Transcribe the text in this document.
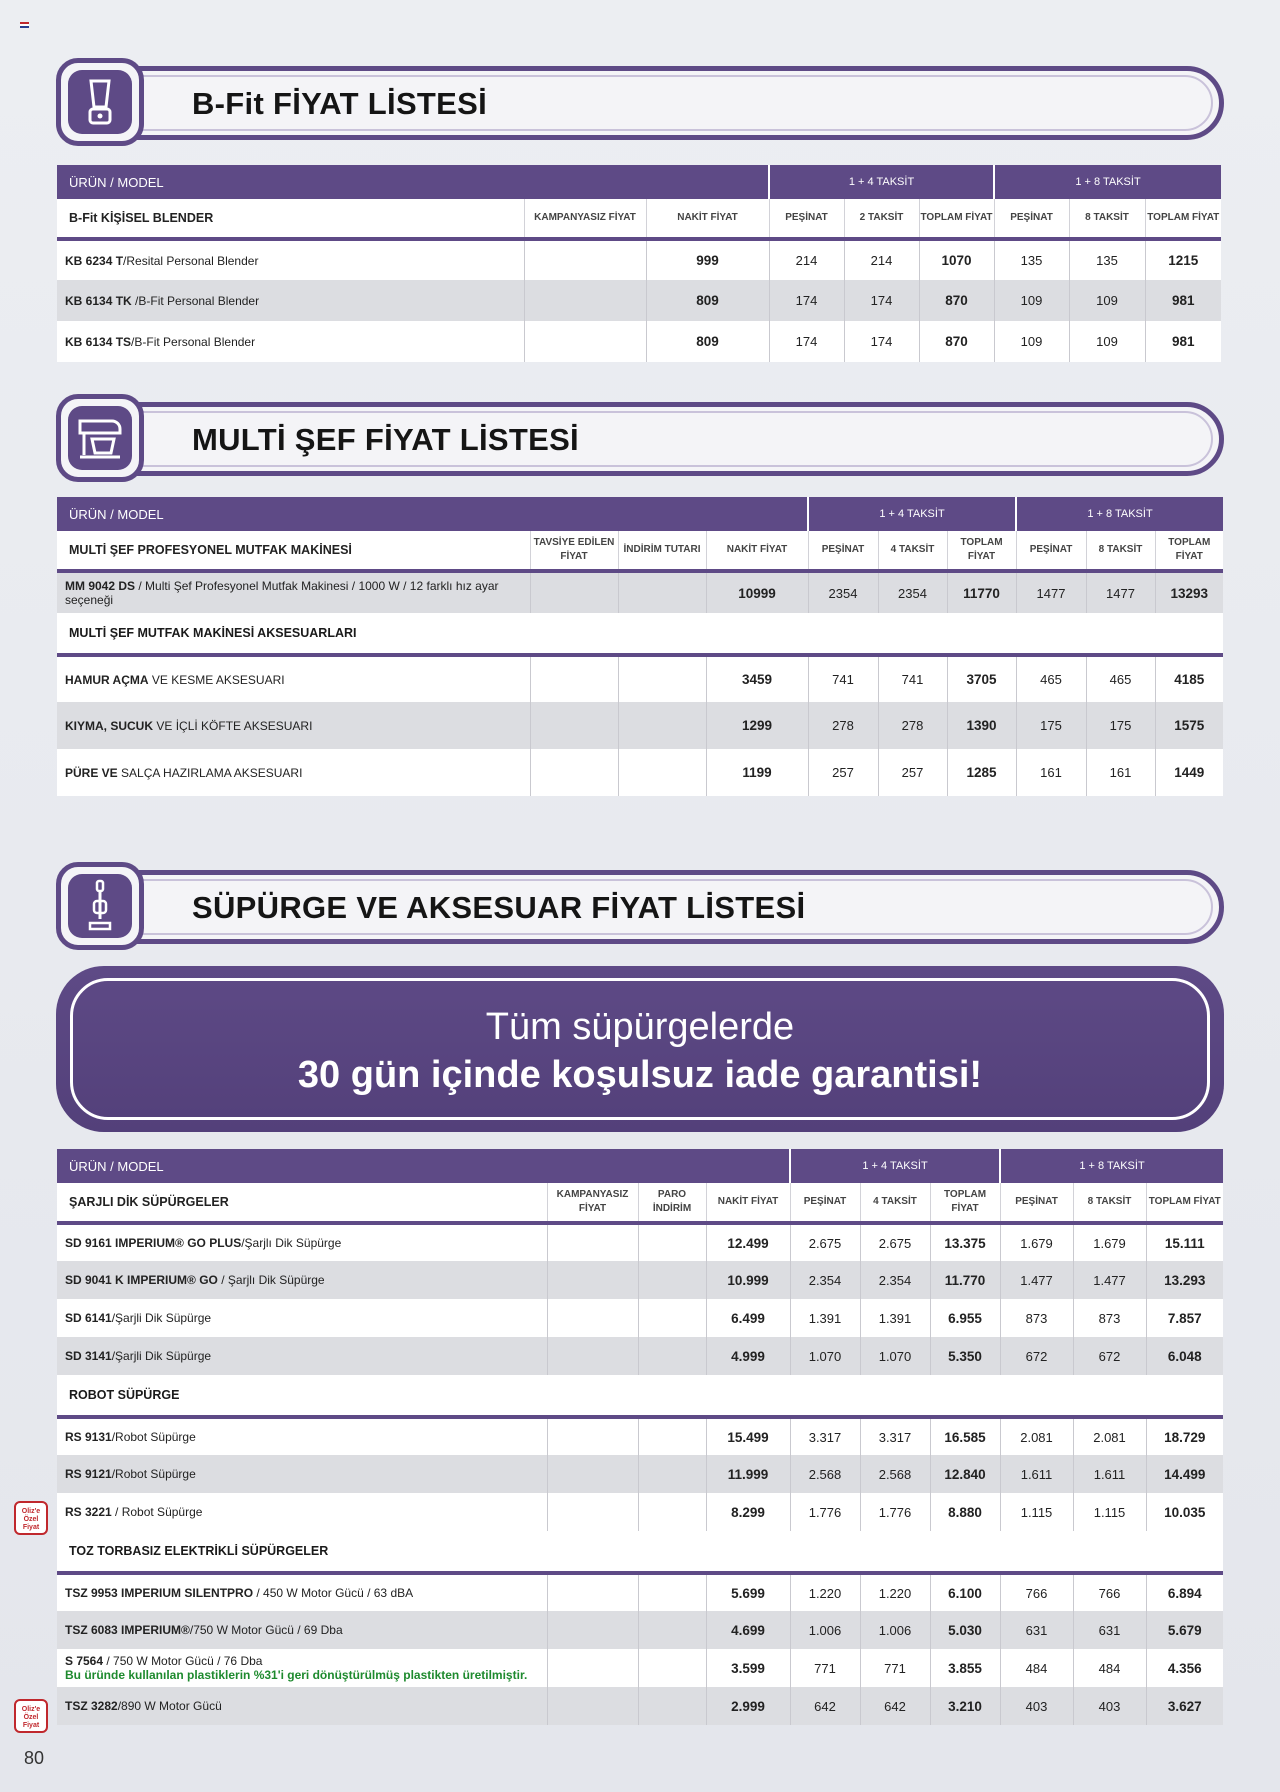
B-Fit FİYAT LİSTESİ
ÜRÜN / MODEL			1 + 4 TAKSİT			1 + 8 TAKSİT		
B-Fit KİŞİSEL BLENDER	KAMPANYASIZ FİYAT	NAKİT FİYAT	PEŞİNAT	2 TAKSİT	TOPLAM FİYAT	PEŞİNAT	8 TAKSİT	TOPLAM FİYAT
KB 6234 T/Resital Personal Blender		999	214	214	1070	135	135	1215
KB 6134 TK /B-Fit Personal Blender		809	174	174	870	109	109	981
KB 6134 TS/B-Fit Personal Blender		809	174	174	870	109	109	981
MULTİ ŞEF FİYAT LİSTESİ
ÜRÜN / MODEL				1 + 4 TAKSİT			1 + 8 TAKSİT		
MULTİ ŞEF PROFESYONEL MUTFAK MAKİNESİ	TAVSİYE EDİLEN FİYAT	İNDİRİM TUTARI	NAKİT FİYAT	PEŞİNAT	4 TAKSİT	TOPLAM FİYAT	PEŞİNAT	8 TAKSİT	TOPLAM FİYAT
MM 9042 DS / Multi Şef Profesyonel Mutfak Makinesi / 1000 W / 12 farklı hız ayar seçeneği			10999	2354	2354	11770	1477	1477	13293
MULTİ ŞEF MUTFAK MAKİNESİ AKSESUARLARI									
HAMUR AÇMA VE KESME AKSESUARI			3459	741	741	3705	465	465	4185
KIYMA, SUCUK VE İÇLİ KÖFTE AKSESUARI			1299	278	278	1390	175	175	1575
PÜRE VE SALÇA HAZIRLAMA AKSESUARI			1199	257	257	1285	161	161	1449
SÜPÜRGE VE AKSESUAR FİYAT LİSTESİ
Tüm süpürgelerde
30 gün içinde koşulsuz iade garantisi!
ÜRÜN / MODEL				1 + 4 TAKSİT			1 + 8 TAKSİT		
ŞARJLI DİK SÜPÜRGELER	KAMPANYASIZ FİYAT	PARO İNDİRİM	NAKİT FİYAT	PEŞİNAT	4 TAKSİT	TOPLAM FİYAT	PEŞİNAT	8 TAKSİT	TOPLAM FİYAT
SD 9161 IMPERIUM® GO PLUS/Şarjlı Dik Süpürge			12.499	2.675	2.675	13.375	1.679	1.679	15.111
SD 9041 K IMPERIUM® GO / Şarjlı Dik Süpürge			10.999	2.354	2.354	11.770	1.477	1.477	13.293
SD 6141/Şarjli Dik Süpürge			6.499	1.391	1.391	6.955	873	873	7.857
SD 3141/Şarjli Dik Süpürge			4.999	1.070	1.070	5.350	672	672	6.048
ROBOT SÜPÜRGE									
RS 9131/Robot Süpürge			15.499	3.317	3.317	16.585	2.081	2.081	18.729
RS 9121/Robot Süpürge			11.999	2.568	2.568	12.840	1.611	1.611	14.499
RS 3221 / Robot Süpürge			8.299	1.776	1.776	8.880	1.115	1.115	10.035
TOZ TORBASIZ ELEKTRİKLİ SÜPÜRGELER									
TSZ 9953 IMPERIUM SILENTPRO / 450 W Motor Gücü / 63 dBA			5.699	1.220	1.220	6.100	766	766	6.894
TSZ 6083 IMPERIUM®/750 W Motor Gücü / 69 Dba			4.699	1.006	1.006	5.030	631	631	5.679
S 7564 / 750 W Motor Gücü / 76 Dba
Bu üründe kullanılan plastiklerin %31'i geri dönüştürülmüş plastikten üretilmiştir.			3.599	771	771	3.855	484	484	4.356
TSZ 3282/890 W Motor Gücü			2.999	642	642	3.210	403	403	3.627
Oliz'e Özel Fiyat
Oliz'e Özel Fiyat
80
